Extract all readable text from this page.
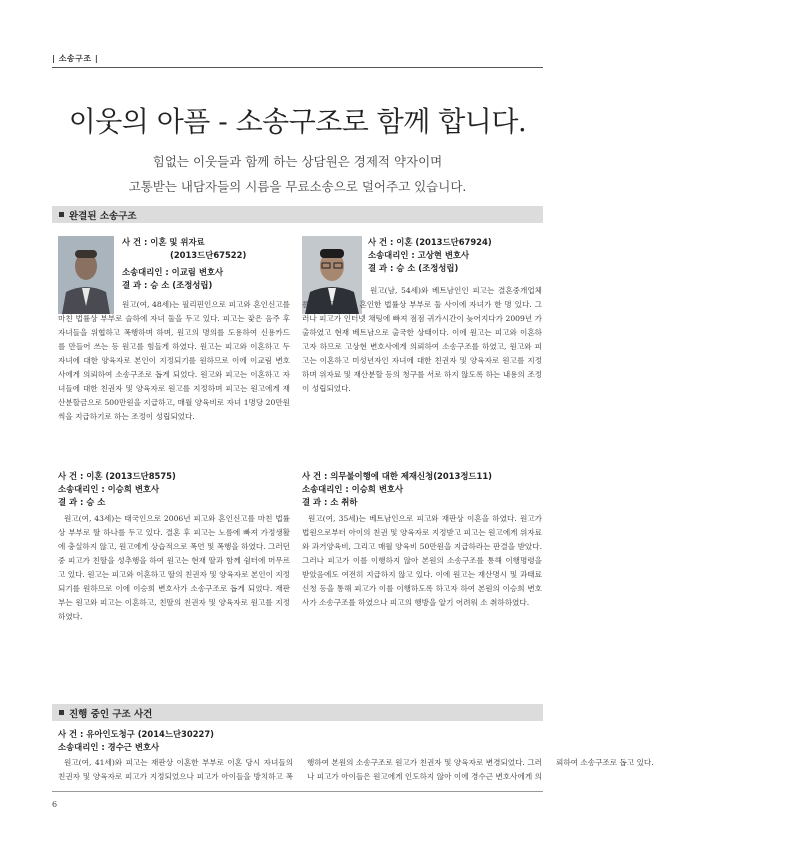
| 소송구조 |
이웃의 아픔 - 소송구조로 함께 합니다.
힘없는 이웃들과 함께 하는 상담원은 경제적 약자이며
고통받는 내담자들의 시름을 무료소송으로 덜어주고 있습니다.
완결된 소송구조
사 건 : 이혼 및 위자료
(2013드단67522)
소송대리인 : 이교림 변호사
결 과 : 승 소 (조정성립)
원고(여, 48세)는 필리핀인으로 피고와 혼인신고를 마친 법률상 부부로 슬하에 자녀 둘을 두고 있다. 피고는 잦은 음주 후 자녀들을 위협하고 폭행하며 하며, 원고의 명의를 도용하여 신용카드를 만들어 쓰는 등 원고를 힘들게 하였다. 원고는 피고와 이혼하고 두 자녀에 대한 양육자로 본인이 지정되기를 원하므로 이에 이교림 변호사에게 의뢰하여 소송구조로 돕게 되었다. 원고와 피고는 이혼하고 자녀들에 대한 친권자 및 양육자로 원고를 지정하며 피고는 원고에게 재산분할금으로 500만원을 지급하고, 매월 양육비로 자녀 1명당 20만원씩을 지급하기로 하는 조정이 성립되었다.
사 건 : 이혼 (2013드단67924)
소송대리인 : 고상현 변호사
결 과 : 승 소 (조정성립)
원고(남, 54세)와 베트남인인 피고는 결혼중개업체를 통해 2005년 혼인한 법률상 부부로 둘 사이에 자녀가 한 명 있다. 그러나 피고가 인터넷 채팅에 빠져 점점 귀가시간이 늦어지다가 2009년 가출하였고 현재 베트남으로 출국한 상태이다. 이에 원고는 피고와 이혼하고자 하므로 고상현 변호사에게 의뢰하여 소송구조를 하였고, 원고와 피고는 이혼하고 미성년자인 자녀에 대한 친권자 및 양육자로 원고를 지정하며 위자료 및 재산분할 등의 청구를 서로 하지 않도록 하는 내용의 조정이 성립되었다.
사 건 : 이혼 (2013드단8575)
소송대리인 : 이승희 변호사
결 과 : 승 소
원고(여, 43세)는 태국인으로 2006년 피고와 혼인신고를 마친 법률상 부부로 딸 하나를 두고 있다. 결혼 후 피고는 노름에 빠져 가정생활에 충실하지 않고, 원고에게 상습적으로 폭언 및 폭행을 하였다. 그러던 중 피고가 친딸을 성추행을 하여 원고는 현재 딸과 함께 쉼터에 머무르고 있다. 원고는 피고와 이혼하고 딸의 친권자 및 양육자로 본인이 지정되기를 원하므로 이에 이승희 변호사가 소송구조로 돕게 되었다. 재판부는 원고와 피고는 이혼하고, 친딸의 친권자 및 양육자로 원고를 지정하였다.
사 건 : 의무불이행에 대한 제재신청(2013정드11)
소송대리인 : 이승희 변호사
결 과 : 소 취하
원고(여, 35세)는 베트남인으로 피고와 재판상 이혼을 하였다. 원고가 법원으로부터 아이의 친권 및 양육자로 지정받고 피고는 원고에게 위자료와 과거양육비, 그리고 매월 양육비 50만원을 지급하라는 판결을 받았다. 그러나 피고가 이를 이행하지 않아 본원의 소송구조를 통해 이행명령을 받았음에도 여전히 지급하지 않고 있다. 이에 원고는 재산명시 및 과태료 신청 등을 통해 피고가 이를 이행하도록 하고자 하여 본원의 이승희 변호사가 소송구조를 하였으나 피고의 행방을 알기 어려워 소 취하하였다.
진행 중인 구조 사건
사 건 : 유아인도청구 (2014느단30227)
소송대리인 : 경수근 변호사
원고(여, 41세)와 피고는 재판상 이혼한 부부로 이혼 당시 자녀들의 친권자 및 양육자로 피고가 지정되었으나 피고가 아이들을 방치하고 폭행하여 본원의 소송구조로 원고가 친권자 및 양육자로 변경되었다. 그러나 피고가 아이들은 원고에게 인도하지 않아 이에 경수근 변호사에게 의뢰하여 소송구조로 돕고 있다.
6
